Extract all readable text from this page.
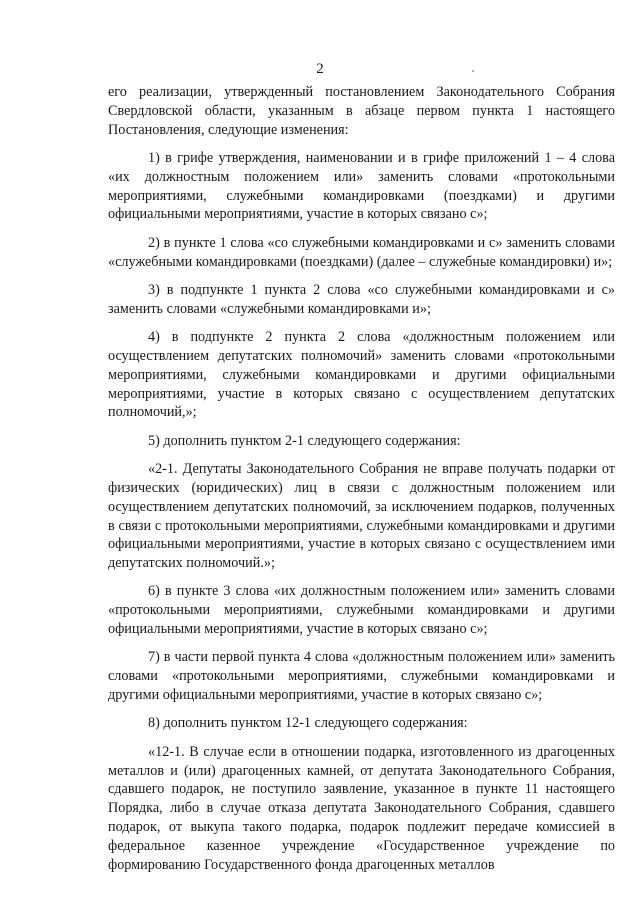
· · · · ·	2

его реализации, утвержденный постановлением Законодательного Собрания Свердловской области, указанным в абзаце первом пункта 1 настоящего Постановления, следующие изменения:

1) в грифе утверждения, наименовании и в грифе приложений 1 – 4 слова «их должностным положением или» заменить словами «протокольными мероприятиями, служебными командировками (поездками) и другими официальными мероприятиями, участие в которых связано с»;

2) в пункте 1 слова «со служебными командировками и с» заменить словами «служебными командировками (поездками) (далее – служебные командировки) и»;

3) в подпункте 1 пункта 2 слова «со служебными командировками и с» заменить словами «служебными командировками и»;

4) в подпункте 2 пункта 2 слова «должностным положением или осуществлением депутатских полномочий» заменить словами «протокольными мероприятиями, служебными командировками и другими официальными мероприятиями, участие в которых связано с осуществлением депутатских полномочий,»;

5) дополнить пунктом 2-1 следующего содержания:

«2-1. Депутаты Законодательного Собрания не вправе получать подарки от физических (юридических) лиц в связи с должностным положением или осуществлением депутатских полномочий, за исключением подарков, полученных в связи с протокольными мероприятиями, служебными командировками и другими официальными мероприятиями, участие в которых связано с осуществлением ими депутатских полномочий.»;

6) в пункте 3 слова «их должностным положением или» заменить словами «протокольными мероприятиями, служебными командировками и другими официальными мероприятиями, участие в которых связано с»;

7) в части первой пункта 4 слова «должностным положением или» заменить словами «протокольными мероприятиями, служебными командировками и другими официальными мероприятиями, участие в которых связано с»;

8) дополнить пунктом 12-1 следующего содержания:

«12-1. В случае если в отношении подарка, изготовленного из драгоценных металлов и (или) драгоценных камней, от депутата Законодательного Собрания, сдавшего подарок, не поступило заявление, указанное в пункте 11 настоящего Порядка, либо в случае отказа депутата Законодательного Собрания, сдавшего подарок, от выкупа такого подарка, подарок подлежит передаче комиссией в федеральное казенное учреждение «Государственное учреждение по формированию Государственного фонда драгоценных металлов
